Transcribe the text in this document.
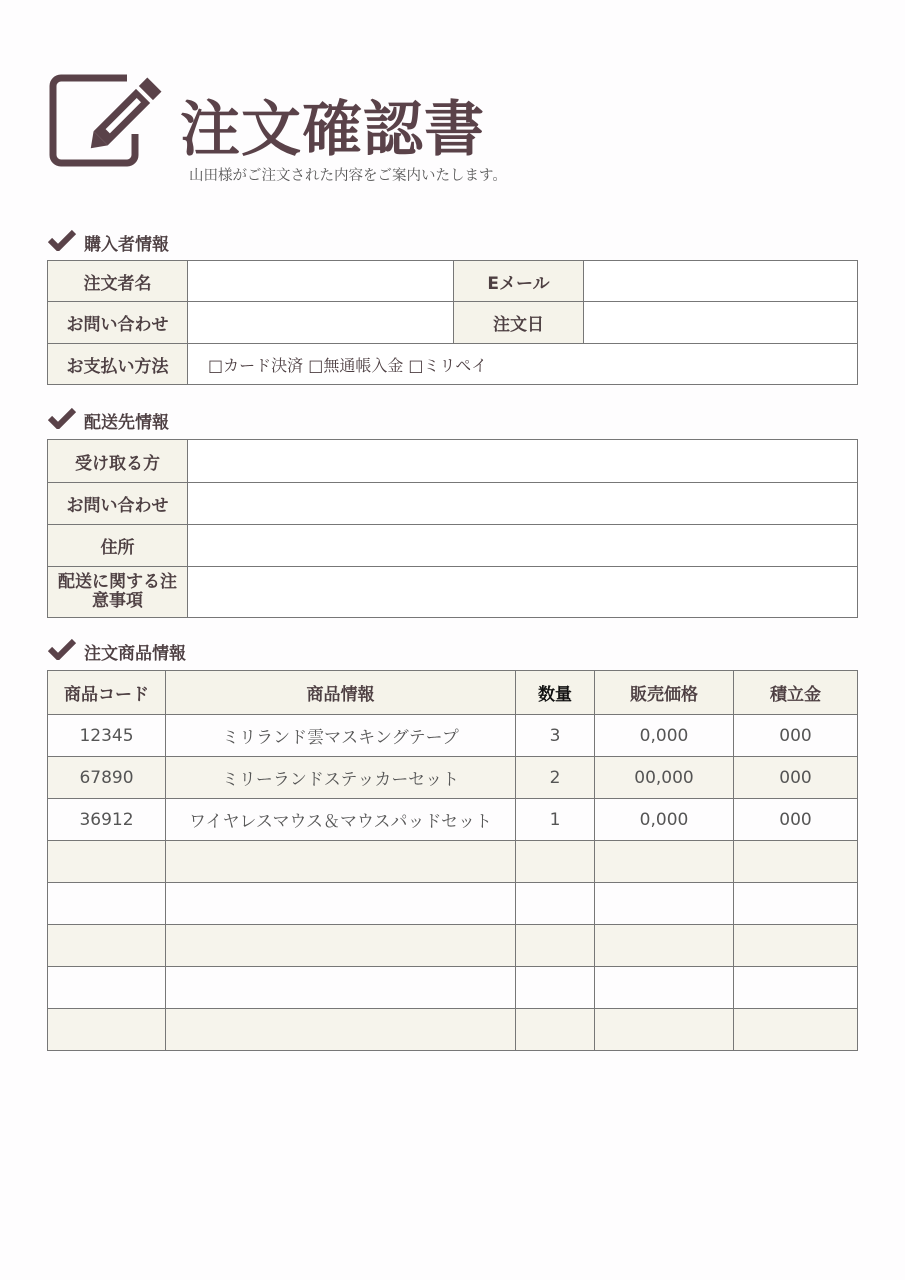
注文確認書
山田様がご注文された内容をご案内いたします。
購入者情報
注文者名		Eメール	
お問い合わせ		注文日	
お支払い方法	□カード決済 □無通帳入金 □ミリペイ		
配送先情報
受け取る方	
お問い合わせ	
住所	
配送に関する注意事項	
注文商品情報
商品コード	商品情報	数量	販売価格	積立金
12345	ミリランド雲マスキングテープ	3	0,000	000
67890	ミリーランドステッカーセット	2	00,000	000
36912	ワイヤレスマウス＆マウスパッドセット	1	0,000	000
